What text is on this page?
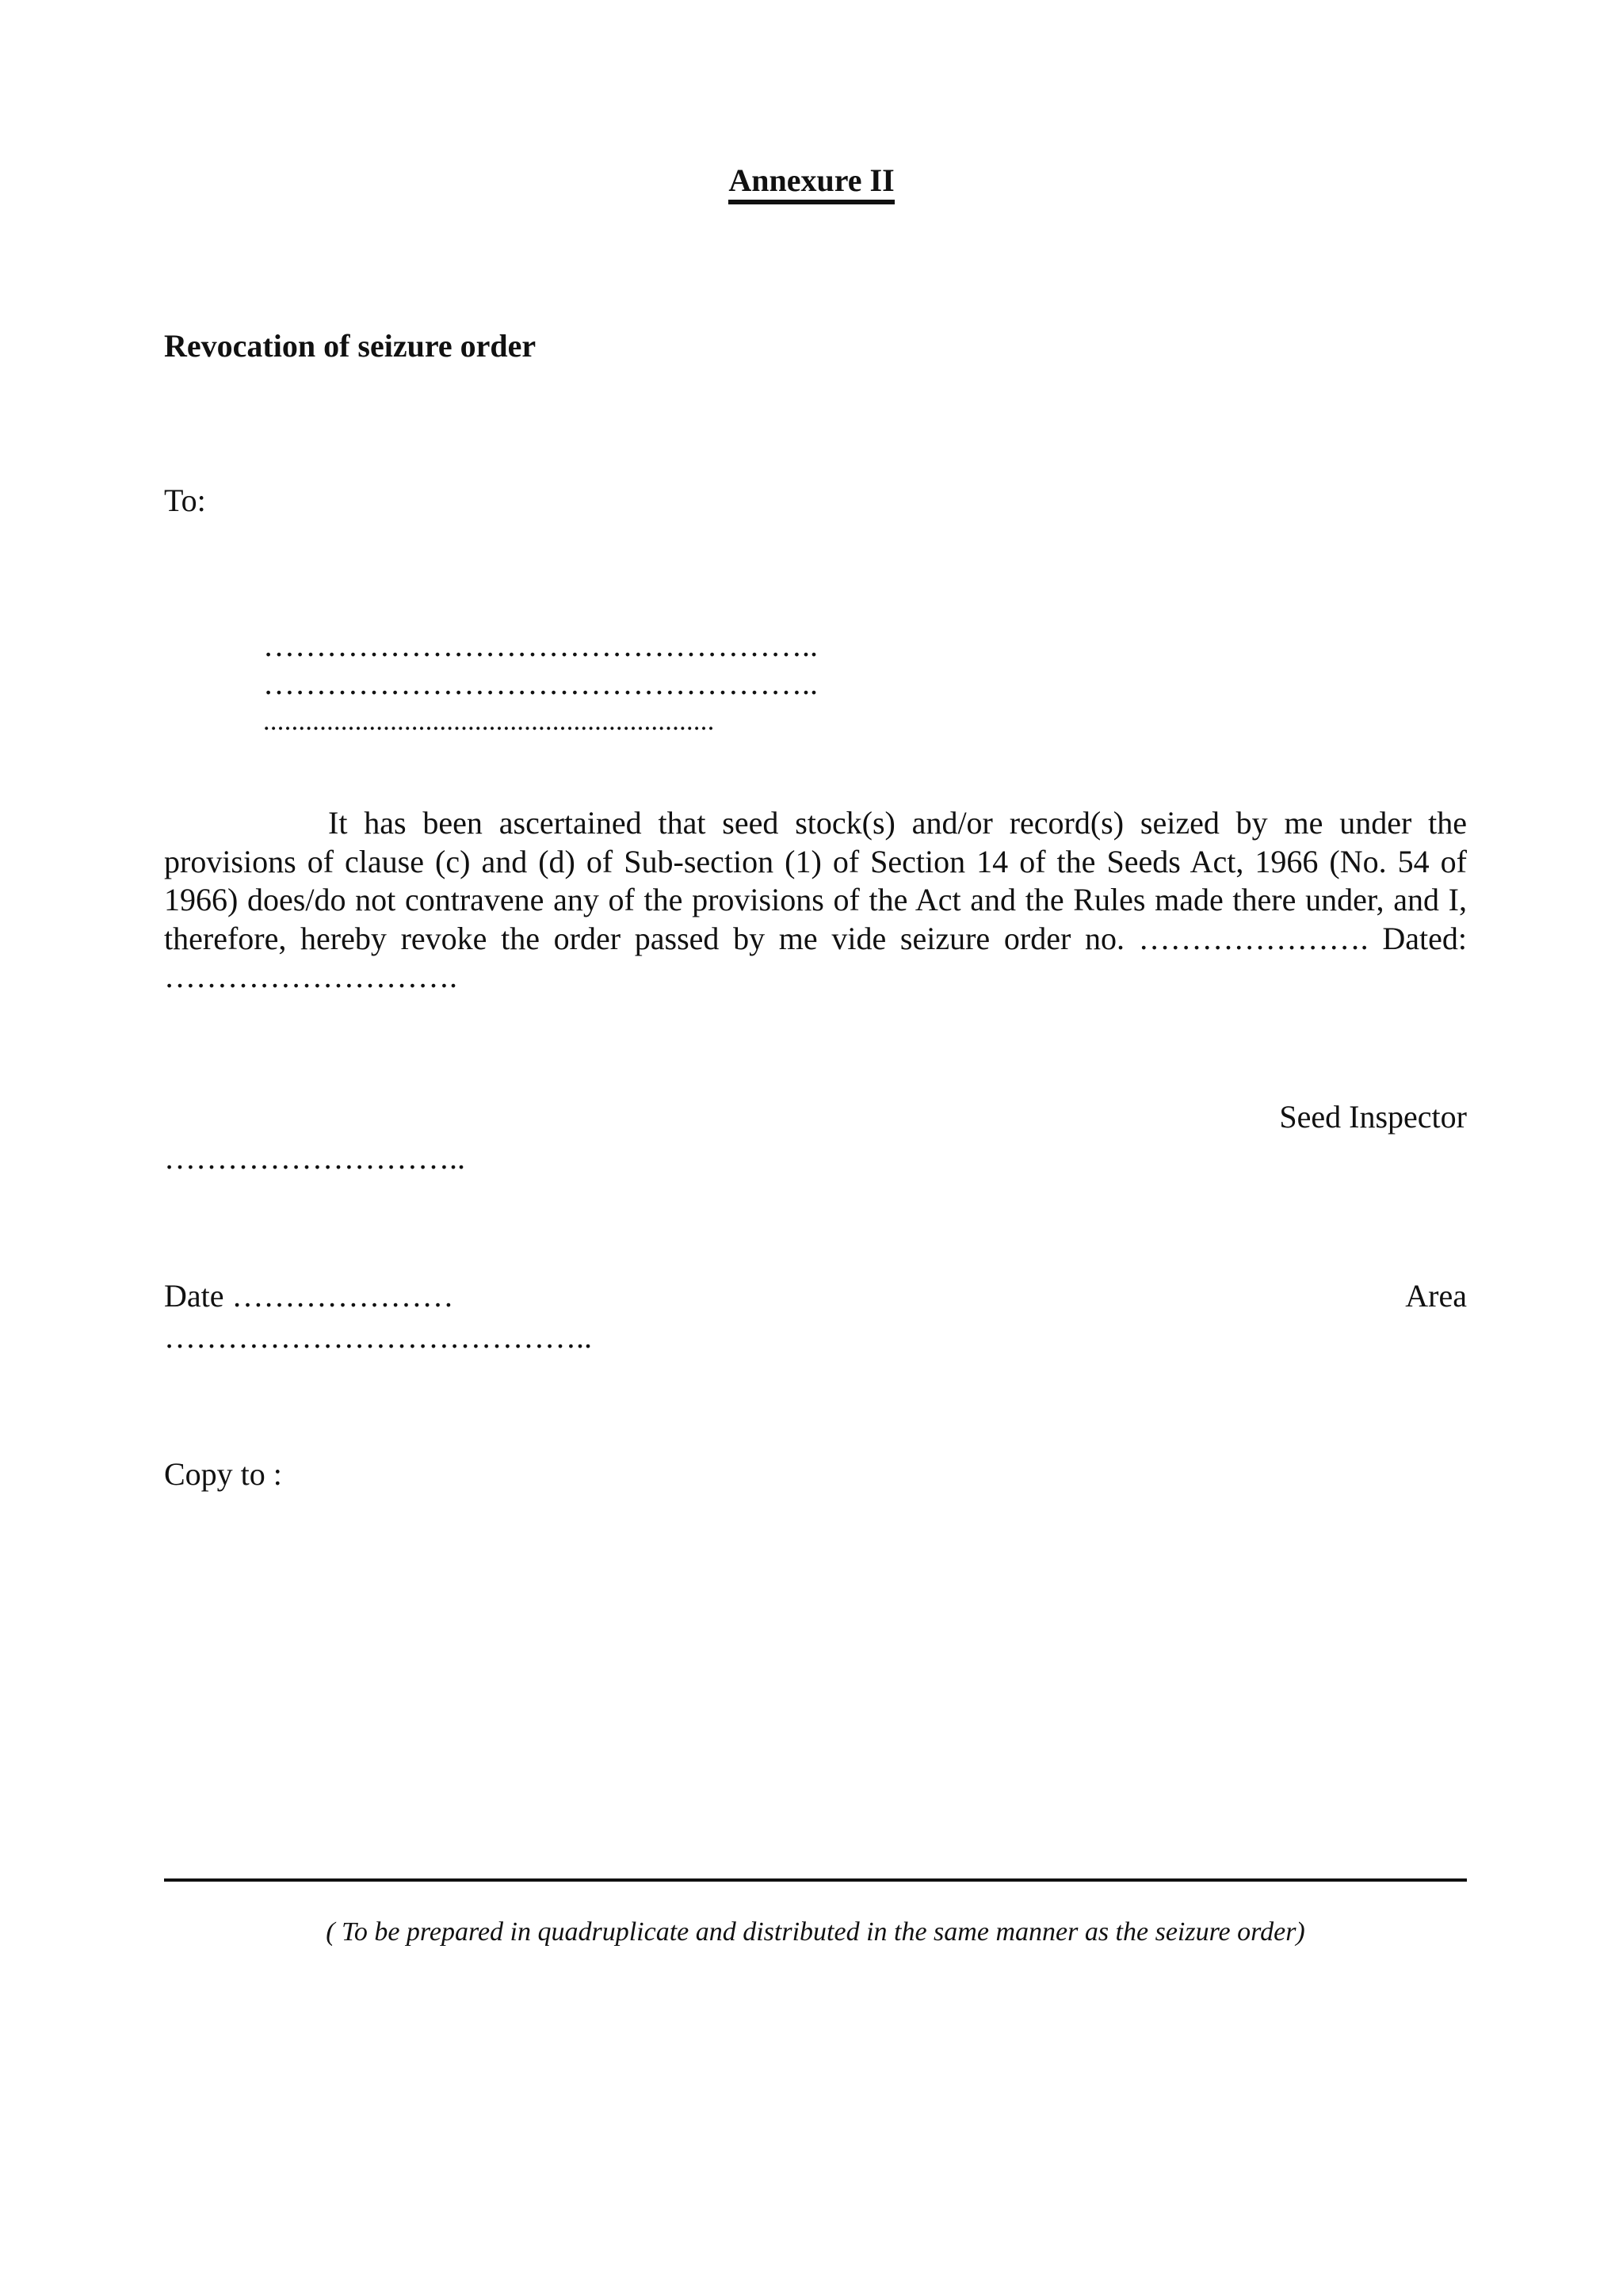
Annexure II
Revocation of seizure order
To:
……………………………………………..
……………………………………………..
................................................................
It has been ascertained that seed stock(s) and/or record(s) seized by me under the provisions of clause (c) and (d) of Sub-section (1) of Section 14 of the Seeds Act, 1966 (No. 54 of 1966) does/do not contravene any of the provisions of the Act and the Rules made there under, and I, therefore, hereby revoke the order passed by me vide seizure order no. …………………. Dated: ……………………….
Seed Inspector
………………………..
Date …………………	Area
…………………………………..
Copy to :
( To be prepared in quadruplicate and distributed in the same manner as the seizure order)
